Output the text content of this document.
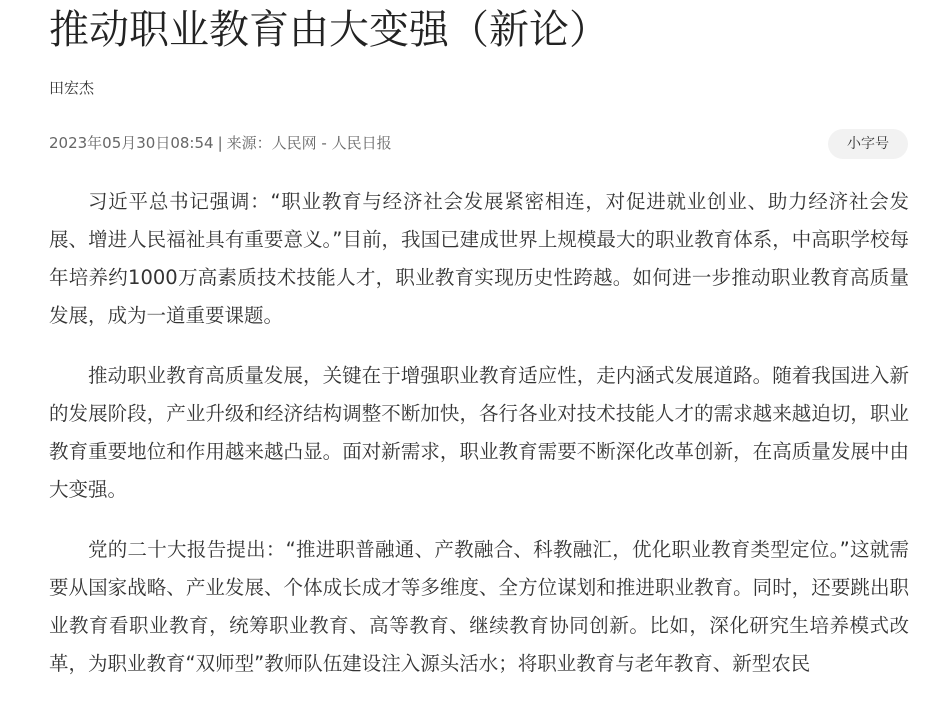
推动职业教育由大变强（新论）
田宏杰
2023年05月30日08:54 | 来源：人民网 - 人民日报	小字号

习近平总书记强调：“职业教育与经济社会发展紧密相连，对促进就业创业、助力经济社会发展、增进人民福祉具有重要意义。”目前，我国已建成世界上规模最大的职业教育体系，中高职学校每年培养约1000万高素质技术技能人才，职业教育实现历史性跨越。如何进一步推动职业教育高质量发展，成为一道重要课题。

推动职业教育高质量发展，关键在于增强职业教育适应性，走内涵式发展道路。随着我国进入新的发展阶段，产业升级和经济结构调整不断加快，各行各业对技术技能人才的需求越来越迫切，职业教育重要地位和作用越来越凸显。面对新需求，职业教育需要不断深化改革创新，在高质量发展中由大变强。

党的二十大报告提出：“推进职普融通、产教融合、科教融汇，优化职业教育类型定位。”这就需要从国家战略、产业发展、个体成长成才等多维度、全方位谋划和推进职业教育。同时，还要跳出职业教育看职业教育，统筹职业教育、高等教育、继续教育协同创新。比如，深化研究生培养模式改革，为职业教育“双师型”教师队伍建设注入源头活水；将职业教育与老年教育、新型农民
